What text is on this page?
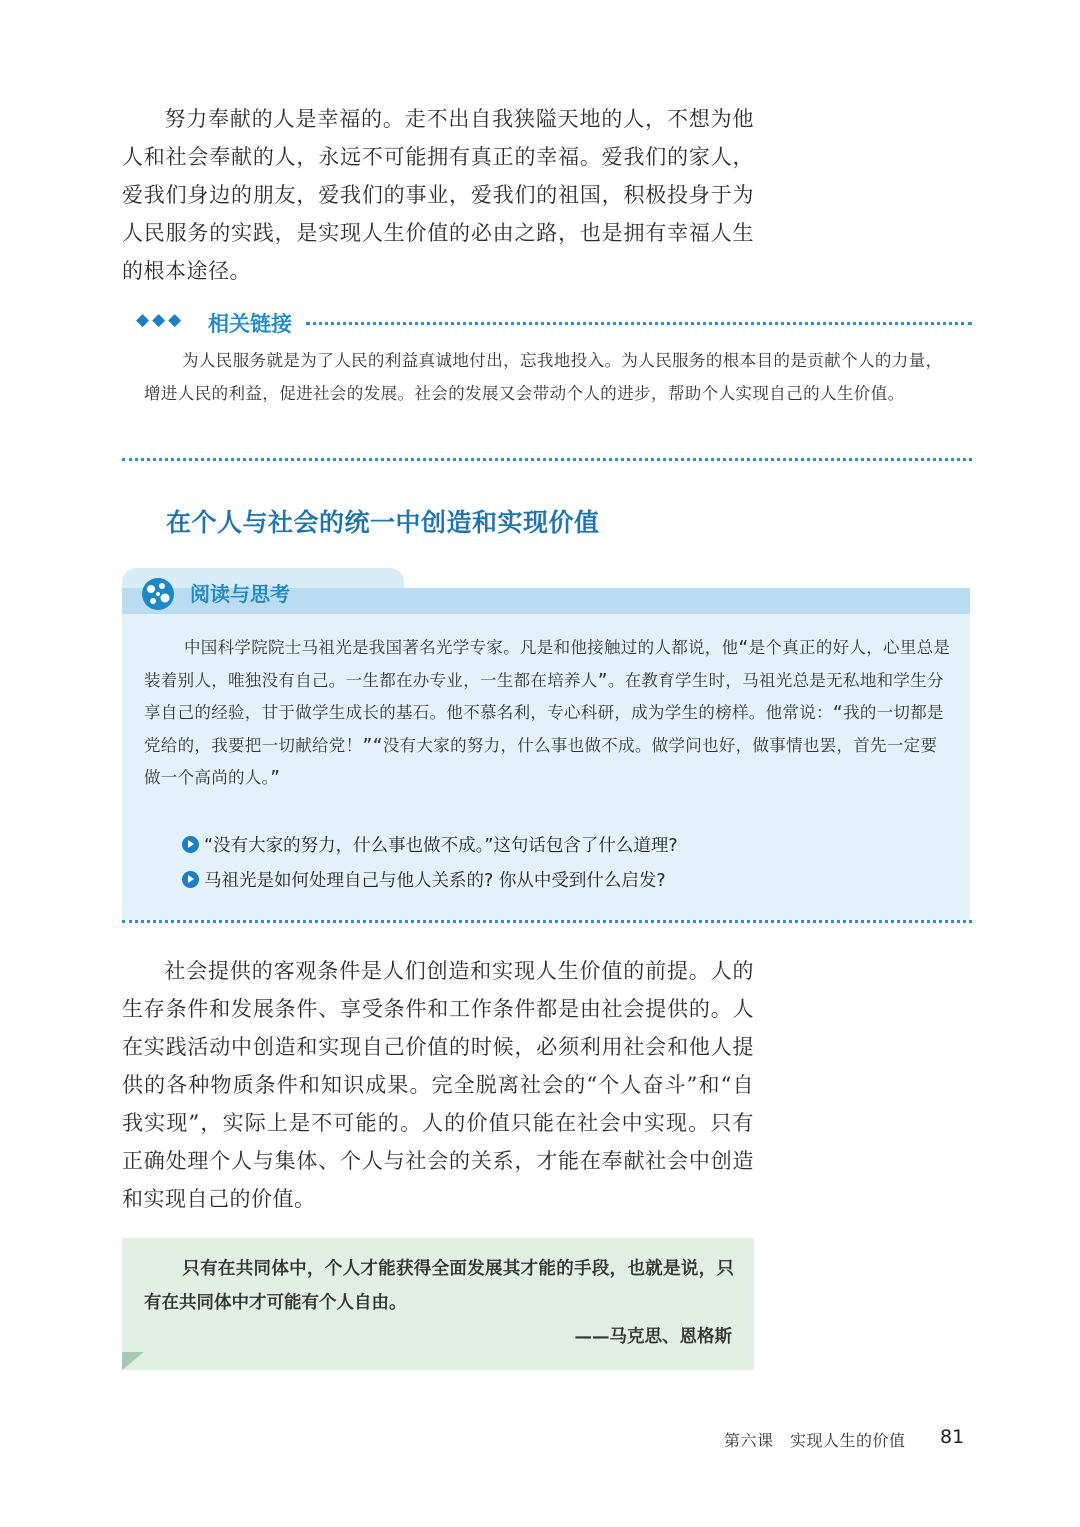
努力奉献的人是幸福的。走不出自我狭隘天地的人，不想为他人和社会奉献的人，永远不可能拥有真正的幸福。爱我们的家人，爱我们身边的朋友，爱我们的事业，爱我们的祖国，积极投身于为人民服务的实践，是实现人生价值的必由之路，也是拥有幸福人生的根本途径。

◆◆◆ 相关链接

为人民服务就是为了人民的利益真诚地付出，忘我地投入。为人民服务的根本目的是贡献个人的力量，增进人民的利益，促进社会的发展。社会的发展又会带动个人的进步，帮助个人实现自己的人生价值。

在个人与社会的统一中创造和实现价值
阅读与思考

中国科学院院士马祖光是我国著名光学专家。凡是和他接触过的人都说，他“是个真正的好人，心里总是装着别人，唯独没有自己。一生都在办专业，一生都在培养人”。在教育学生时，马祖光总是无私地和学生分享自己的经验，甘于做学生成长的基石。他不慕名利，专心科研，成为学生的榜样。他常说：“我的一切都是党给的，我要把一切献给党！”“没有大家的努力，什么事也做不成。做学问也好，做事情也罢，首先一定要做一个高尚的人。”

“没有大家的努力，什么事也做不成。”这句话包含了什么道理?
马祖光是如何处理自己与他人关系的? 你从中受到什么启发?

社会提供的客观条件是人们创造和实现人生价值的前提。人的生存条件和发展条件、享受条件和工作条件都是由社会提供的。人在实践活动中创造和实现自己价值的时候，必须利用社会和他人提供的各种物质条件和知识成果。完全脱离社会的“个人奋斗”和“自我实现”，实际上是不可能的。人的价值只能在社会中实现。只有正确处理个人与集体、个人与社会的关系，才能在奉献社会中创造和实现自己的价值。

只有在共同体中，个人才能获得全面发展其才能的手段，也就是说，只有在共同体中才可能有个人自由。

——马克思、恩格斯
第六课　实现人生的价值 81
